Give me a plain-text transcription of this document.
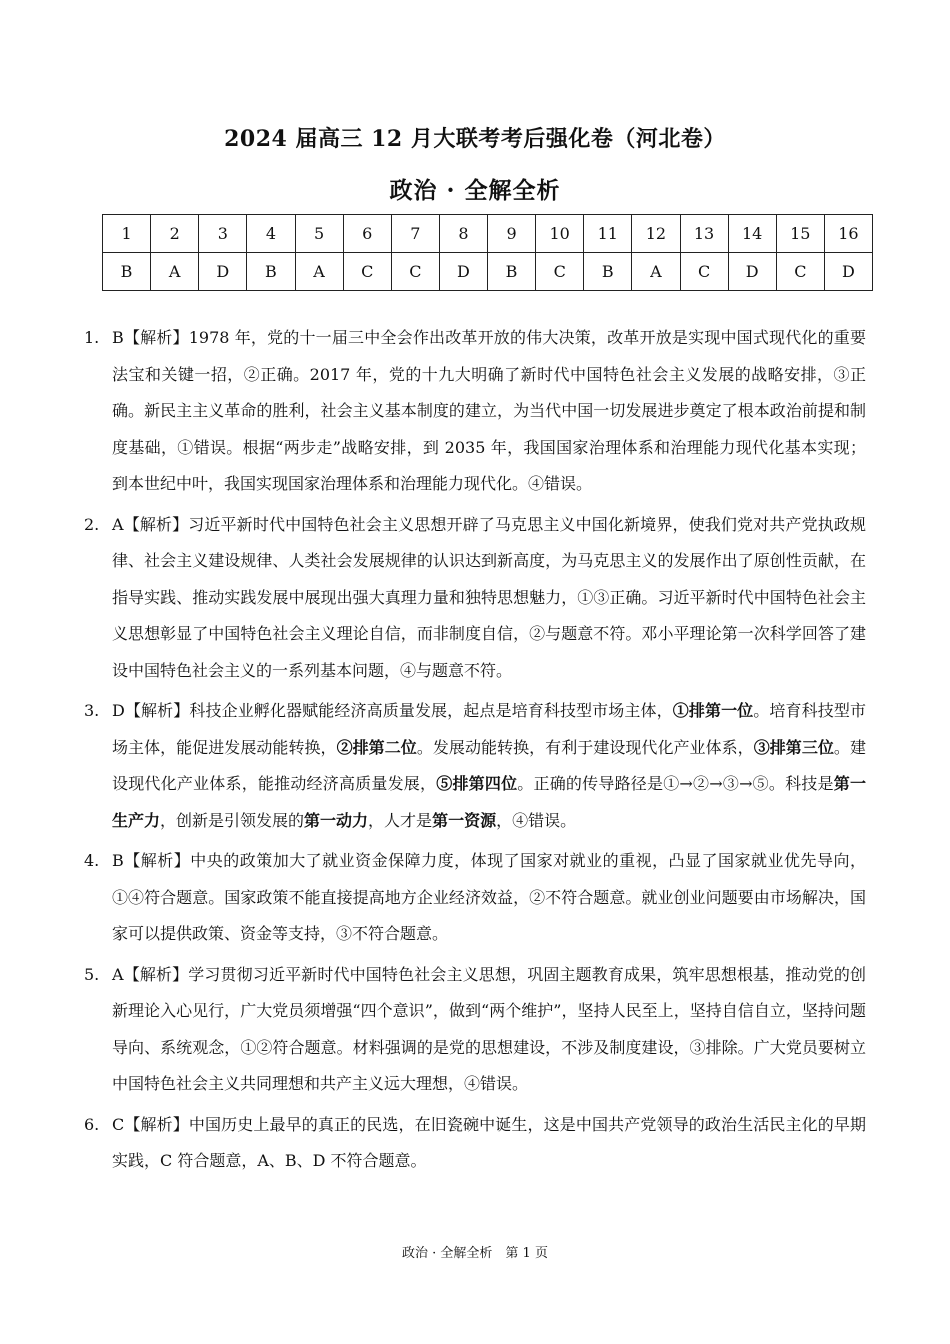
2024 届高三 12 月大联考考后强化卷（河北卷）
政治 · 全解全析
1	2	3	4	5	6	7	8	9	10	11	12	13	14	15	16
B	A	D	B	A	C	C	D	B	C	B	A	C	D	C	D
1. B【解析】1978 年，党的十一届三中全会作出改革开放的伟大决策，改革开放是实现中国式现代化的重要法宝和关键一招，②正确。2017 年，党的十九大明确了新时代中国特色社会主义发展的战略安排，③正确。新民主主义革命的胜利，社会主义基本制度的建立，为当代中国一切发展进步奠定了根本政治前提和制度基础，①错误。根据“两步走”战略安排，到 2035 年，我国国家治理体系和治理能力现代化基本实现；到本世纪中叶，我国实现国家治理体系和治理能力现代化。④错误。
2. A【解析】习近平新时代中国特色社会主义思想开辟了马克思主义中国化新境界，使我们党对共产党执政规律、社会主义建设规律、人类社会发展规律的认识达到新高度，为马克思主义的发展作出了原创性贡献，在指导实践、推动实践发展中展现出强大真理力量和独特思想魅力，①③正确。习近平新时代中国特色社会主义思想彰显了中国特色社会主义理论自信，而非制度自信，②与题意不符。邓小平理论第一次科学回答了建设中国特色社会主义的一系列基本问题，④与题意不符。
3. D【解析】科技企业孵化器赋能经济高质量发展，起点是培育科技型市场主体，①排第一位。培育科技型市场主体，能促进发展动能转换，②排第二位。发展动能转换，有利于建设现代化产业体系，③排第三位。建设现代化产业体系，能推动经济高质量发展，⑤排第四位。正确的传导路径是①→②→③→⑤。科技是第一生产力，创新是引领发展的第一动力，人才是第一资源，④错误。
4. B【解析】中央的政策加大了就业资金保障力度，体现了国家对就业的重视，凸显了国家就业优先导向，①④符合题意。国家政策不能直接提高地方企业经济效益，②不符合题意。就业创业问题要由市场解决，国家可以提供政策、资金等支持，③不符合题意。
5. A【解析】学习贯彻习近平新时代中国特色社会主义思想，巩固主题教育成果，筑牢思想根基，推动党的创新理论入心见行，广大党员须增强“四个意识”，做到“两个维护”，坚持人民至上，坚持自信自立，坚持问题导向、系统观念，①②符合题意。材料强调的是党的思想建设，不涉及制度建设，③排除。广大党员要树立中国特色社会主义共同理想和共产主义远大理想，④错误。
6. C【解析】中国历史上最早的真正的民选，在旧瓷碗中诞生，这是中国共产党领导的政治生活民主化的早期实践，C 符合题意，A、B、D 不符合题意。
政治 · 全解全析　第 1 页
